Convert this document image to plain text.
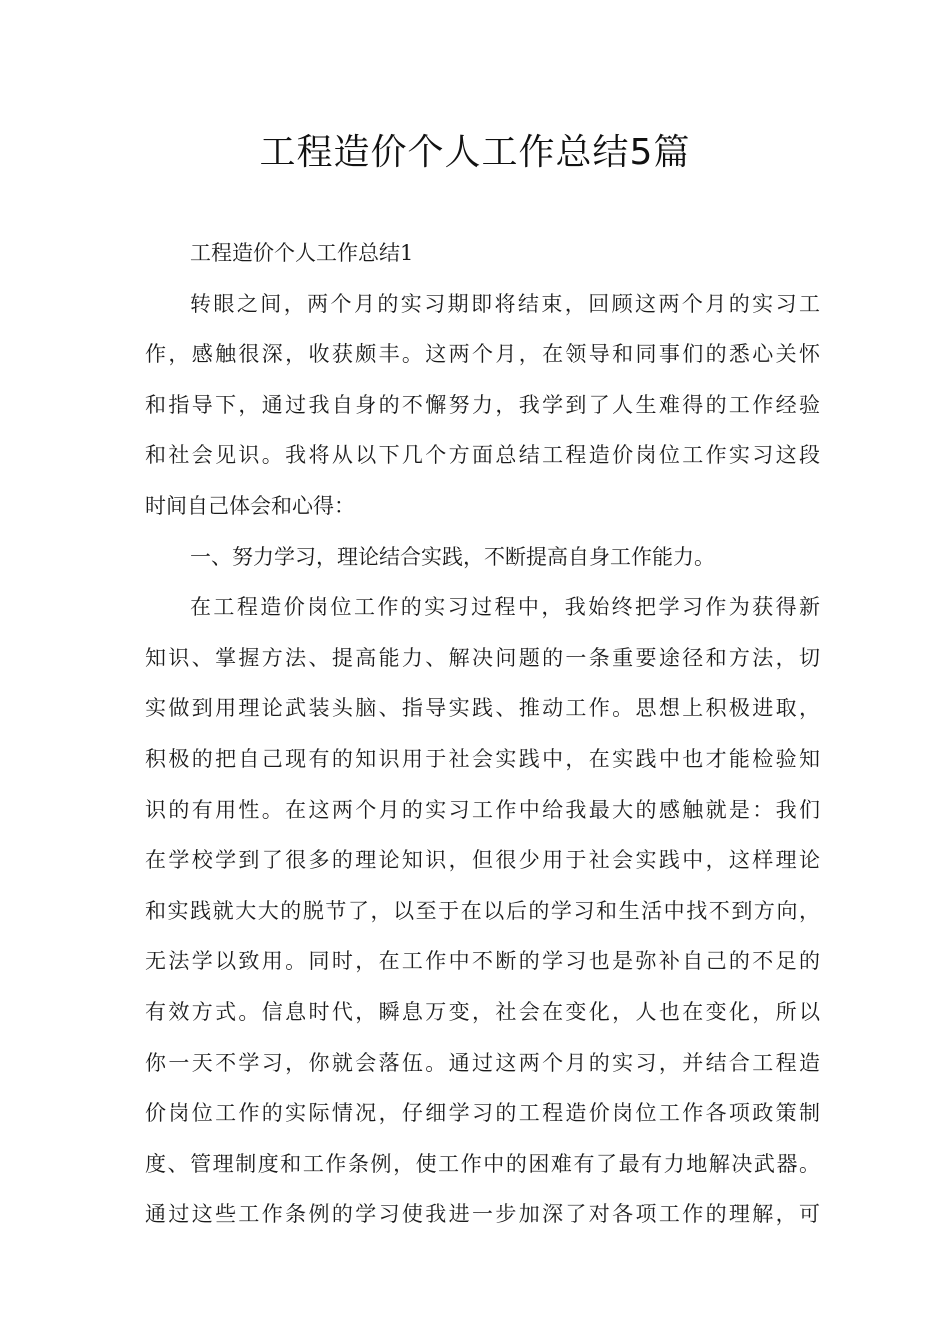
工程造价个人工作总结5篇
工程造价个人工作总结1
转眼之间，两个月的实习期即将结束，回顾这两个月的实习工
作，感触很深，收获颇丰。这两个月，在领导和同事们的悉心关怀
和指导下，通过我自身的不懈努力，我学到了人生难得的工作经验
和社会见识。我将从以下几个方面总结工程造价岗位工作实习这段
时间自己体会和心得：
一、努力学习，理论结合实践，不断提高自身工作能力。
在工程造价岗位工作的实习过程中，我始终把学习作为获得新
知识、掌握方法、提高能力、解决问题的一条重要途径和方法，切
实做到用理论武装头脑、指导实践、推动工作。思想上积极进取，
积极的把自己现有的知识用于社会实践中，在实践中也才能检验知
识的有用性。在这两个月的实习工作中给我最大的感触就是：我们
在学校学到了很多的理论知识，但很少用于社会实践中，这样理论
和实践就大大的脱节了，以至于在以后的学习和生活中找不到方向，
无法学以致用。同时，在工作中不断的学习也是弥补自己的不足的
有效方式。信息时代，瞬息万变，社会在变化，人也在变化，所以
你一天不学习，你就会落伍。通过这两个月的实习，并结合工程造
价岗位工作的实际情况，仔细学习的工程造价岗位工作各项政策制
度、管理制度和工作条例，使工作中的困难有了最有力地解决武器。
通过这些工作条例的学习使我进一步加深了对各项工作的理解，可
